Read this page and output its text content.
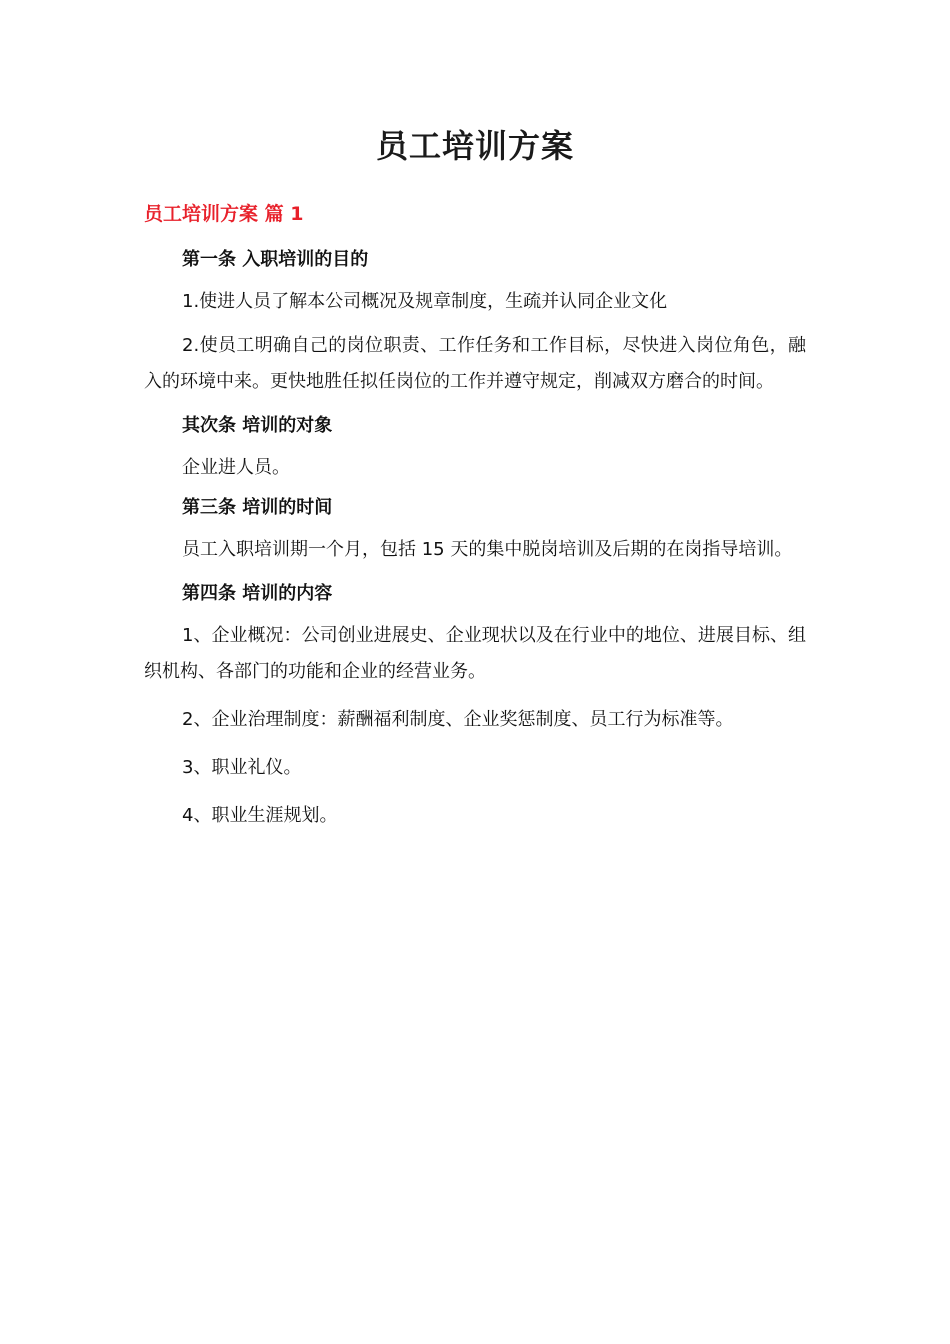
员工培训方案
员工培训方案 篇 1
第一条 入职培训的目的
1.使进人员了解本公司概况及规章制度，生疏并认同企业文化
2.使员工明确自己的岗位职责、工作任务和工作目标，尽快进入岗位角色，融入的环境中来。更快地胜任拟任岗位的工作并遵守规定，削减双方磨合的时间。
其次条 培训的对象
企业进人员。
第三条 培训的时间
员工入职培训期一个月，包括 15 天的集中脱岗培训及后期的在岗指导培训。
第四条 培训的内容
1、企业概况：公司创业进展史、企业现状以及在行业中的地位、进展目标、组织机构、各部门的功能和企业的经营业务。
2、企业治理制度：薪酬福利制度、企业奖惩制度、员工行为标准等。
3、职业礼仪。
4、职业生涯规划。
